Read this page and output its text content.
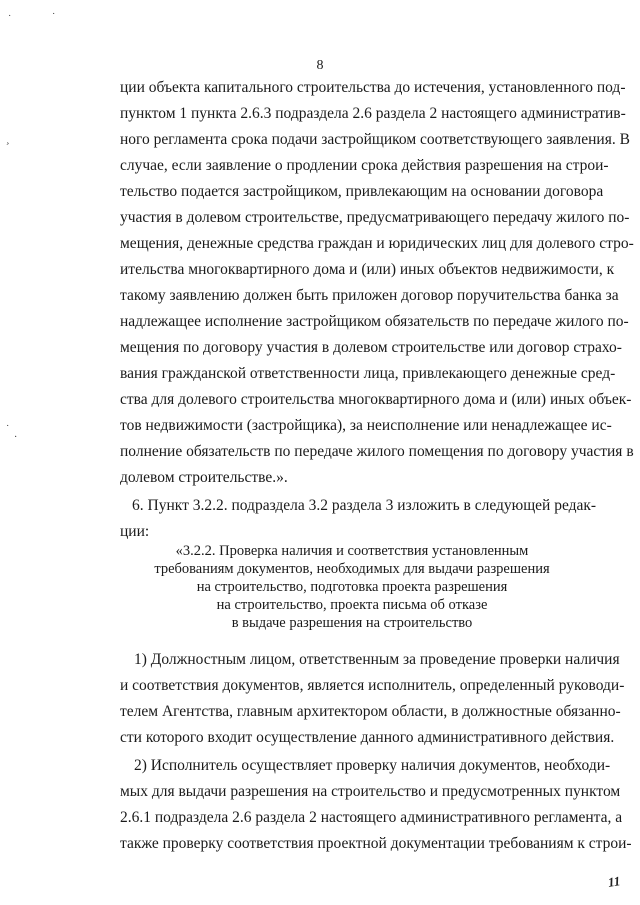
8
˙	˙
¸
˙
·
ции объекта капитального строительства до истечения, установленного под-
пунктом 1 пункта 2.6.3 подраздела 2.6 раздела 2 настоящего административ-
ного регламента срока подачи застройщиком соответствующего заявления. В
случае, если заявление о продлении срока действия разрешения на строи-
тельство подается застройщиком, привлекающим на основании договора
участия в долевом строительстве, предусматривающего передачу жилого по-
мещения, денежные средства граждан и юридических лиц для долевого стро-
ительства многоквартирного дома и (или) иных объектов недвижимости, к
такому заявлению должен быть приложен договор поручительства банка за
надлежащее исполнение застройщиком обязательств по передаче жилого по-
мещения по договору участия в долевом строительстве или договор страхо-
вания гражданской ответственности лица, привлекающего денежные сред-
ства для долевого строительства многоквартирного дома и (или) иных объек-
тов недвижимости (застройщика), за неисполнение или ненадлежащее ис-
полнение обязательств по передаче жилого помещения по договору участия в
долевом строительстве.».
6. Пункт 3.2.2. подраздела 3.2 раздела 3 изложить в следующей редак-
ции:
«3.2.2. Проверка наличия и соответствия установленным
требованиям документов, необходимых для выдачи разрешения
на строительство, подготовка проекта разрешения
на строительство, проекта письма об отказе
в выдаче разрешения на строительство
1) Должностным лицом, ответственным за проведение проверки наличия
и соответствия документов, является исполнитель, определенный руководи-
телем Агентства, главным архитектором области, в должностные обязанно-
сти которого входит осуществление данного административного действия.
2) Исполнитель осуществляет проверку наличия документов, необходи-
мых для выдачи разрешения на строительство и предусмотренных пунктом
2.6.1 подраздела 2.6 раздела 2 настоящего административного регламента, а
также проверку соответствия проектной документации требованиям к строи-
11
